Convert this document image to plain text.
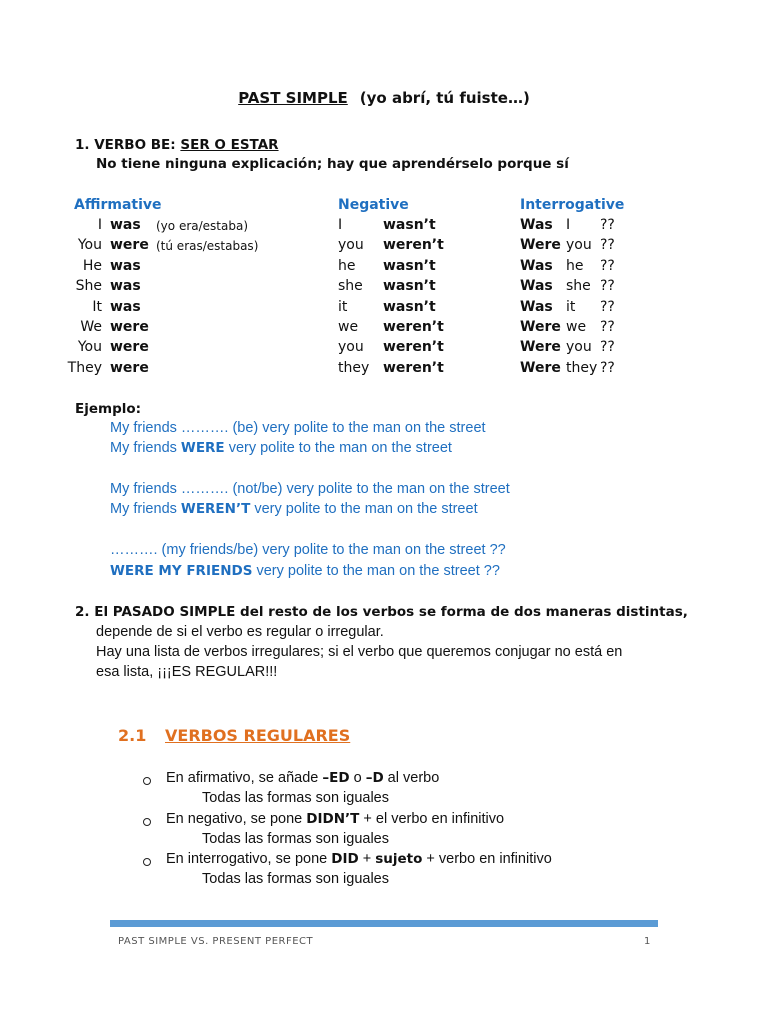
PAST SIMPLE (yo abrí, tú fuiste…)
1. VERBO BE: SER O ESTAR
No tiene ninguna explicación; hay que aprendérselo porque sí
Affirmative	Negative	Interrogative
I was (yo era/estaba)	I	wasn’t	Was I ??
You were (tú eras/estabas)	you weren’t	Were you ??
He was	he wasn’t	Was he ??
She was	she wasn’t	Was she ??
It was	it	wasn’t	Was it ??
We were	we weren’t	Were we ??
You were	you weren’t	Were you ??
They were	they weren’t	Were they ??
Ejemplo:
My friends ………. (be) very polite to the man on the street
My friends WERE very polite to the man on the street
My friends ………. (not/be) very polite to the man on the street
My friends WEREN’T very polite to the man on the street
………. (my friends/be) very polite to the man on the street ??
WERE MY FRIENDS very polite to the man on the street ??
2. El PASADO SIMPLE del resto de los verbos se forma de dos maneras distintas,
depende de si el verbo es regular o irregular.
Hay una lista de verbos irregulares; si el verbo que queremos conjugar no está en
esa lista, ¡¡¡ES REGULAR!!!
2.1 VERBOS REGULARES
En afirmativo, se añade –ED o –D al verbo
Todas las formas son iguales
En negativo, se pone DIDN’T + el verbo en infinitivo
Todas las formas son iguales
En interrogativo, se pone DID + sujeto + verbo en infinitivo
Todas las formas son iguales
PAST SIMPLE VS. PRESENT PERFECT	1
